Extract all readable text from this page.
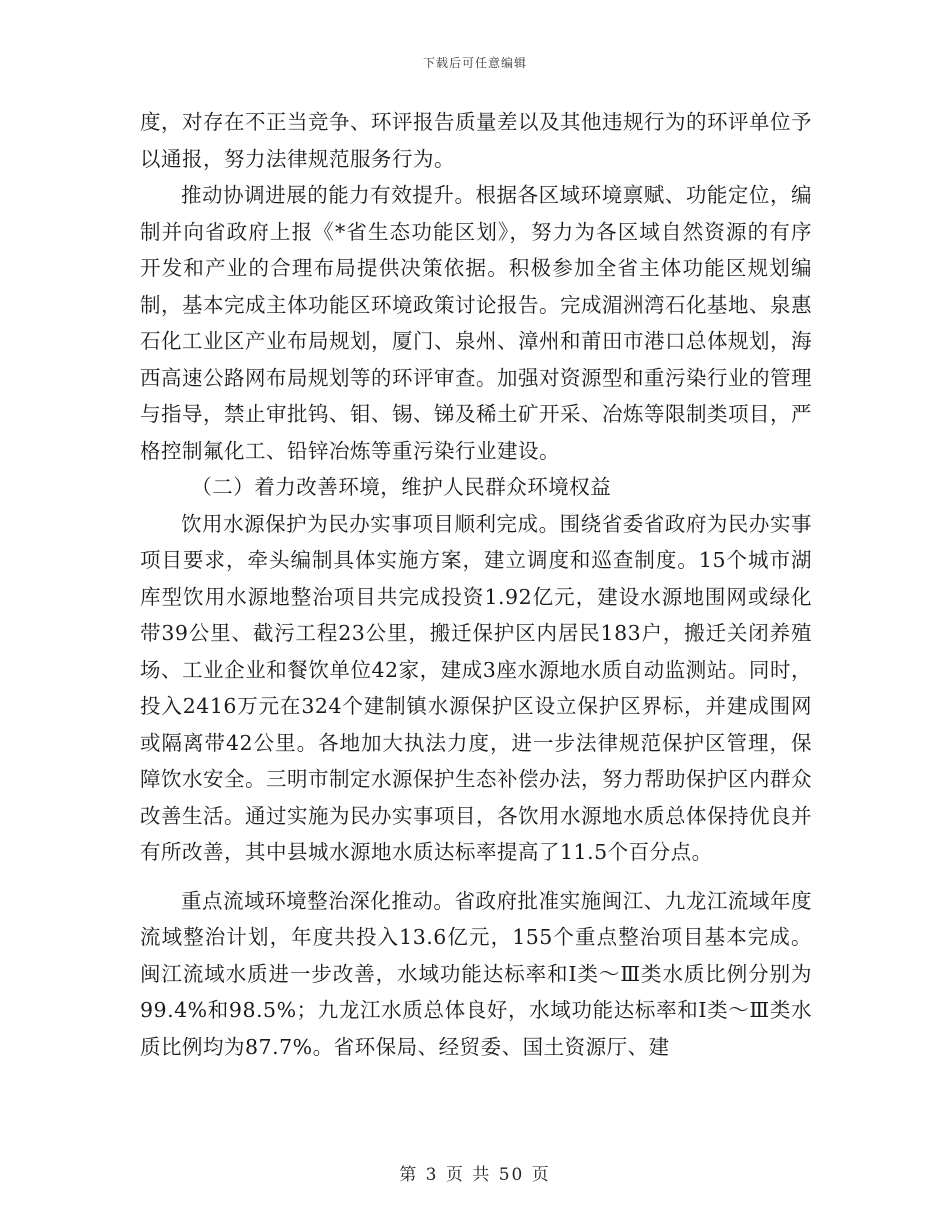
下载后可任意编辑

度，对存在不正当竞争、环评报告质量差以及其他违规行为的环评单位予以通报，努力法律规范服务行为。

推动协调进展的能力有效提升。根据各区域环境禀赋、功能定位，编制并向省政府上报《*省生态功能区划》，努力为各区域自然资源的有序开发和产业的合理布局提供决策依据。积极参加全省主体功能区规划编制，基本完成主体功能区环境政策讨论报告。完成湄洲湾石化基地、泉惠石化工业区产业布局规划，厦门、泉州、漳州和莆田市港口总体规划，海西高速公路网布局规划等的环评审查。加强对资源型和重污染行业的管理与指导，禁止审批钨、钼、锡、锑及稀土矿开采、冶炼等限制类项目，严格控制氟化工、铅锌冶炼等重污染行业建设。

（二）着力改善环境，维护人民群众环境权益

饮用水源保护为民办实事项目顺利完成。围绕省委省政府为民办实事项目要求，牵头编制具体实施方案，建立调度和巡查制度。15个城市湖库型饮用水源地整治项目共完成投资1.92亿元，建设水源地围网或绿化带39公里、截污工程23公里，搬迁保护区内居民183户，搬迁关闭养殖场、工业企业和餐饮单位42家，建成3座水源地水质自动监测站。同时，投入2416万元在324个建制镇水源保护区设立保护区界标，并建成围网或隔离带42公里。各地加大执法力度，进一步法律规范保护区管理，保障饮水安全。三明市制定水源保护生态补偿办法，努力帮助保护区内群众改善生活。通过实施为民办实事项目，各饮用水源地水质总体保持优良并有所改善，其中县城水源地水质达标率提高了11.5个百分点。

重点流域环境整治深化推动。省政府批准实施闽江、九龙江流域年度流域整治计划，年度共投入13.6亿元，155个重点整治项目基本完成。闽江流域水质进一步改善，水域功能达标率和Ⅰ类～Ⅲ类水质比例分别为99.4%和98.5%；九龙江水质总体良好，水域功能达标率和Ⅰ类～Ⅲ类水质比例均为87.7%。省环保局、经贸委、国土资源厅、建

第 3 页 共 50 页
